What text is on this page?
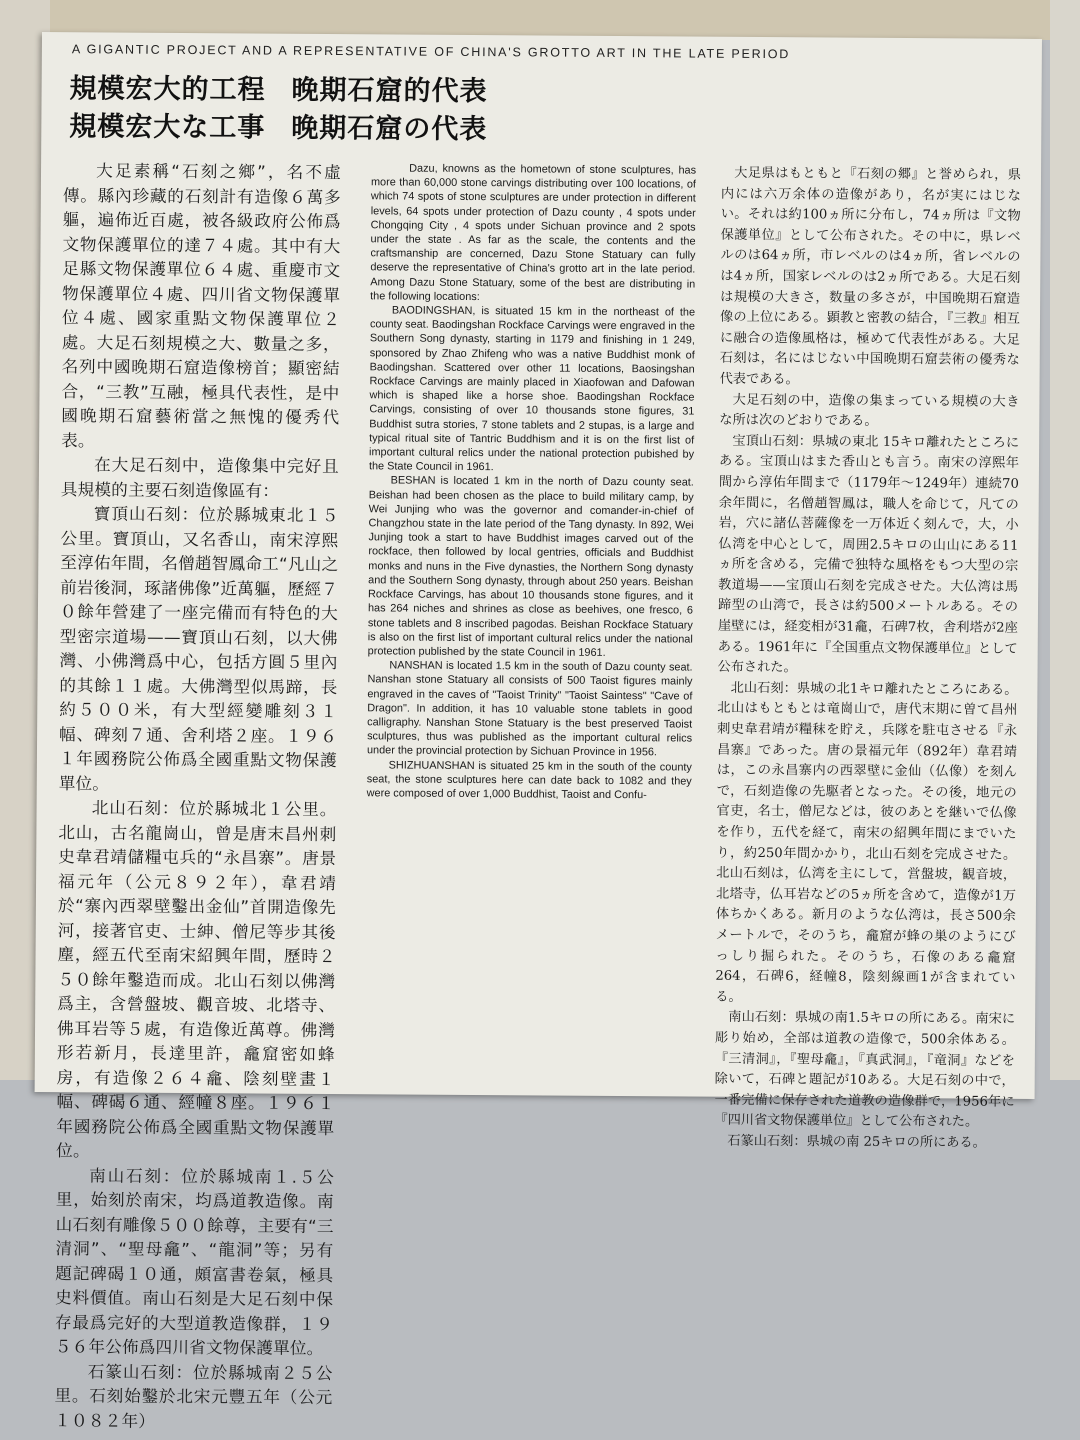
A GIGANTIC PROJECT AND A REPRESENTATIVE OF CHINA'S GROTTO ART IN THE LATE PERIOD
規模宏大的工程 晚期石窟的代表
規模宏大な工事 晚期石窟の代表

大足素稱“石刻之鄉”，名不虛傳。縣內珍藏的石刻計有造像６萬多軀，遍佈近百處，被各級政府公佈爲文物保護單位的達７４處。其中有大足縣文物保護單位６４處、重慶市文物保護單位４處、四川省文物保護單位４處、國家重點文物保護單位２處。大足石刻規模之大、數量之多，名列中國晚期石窟造像榜首；顯密結合，“三教”互融，極具代表性，是中國晚期石窟藝術當之無愧的優秀代表。

在大足石刻中，造像集中完好且具規模的主要石刻造像區有：

寶頂山石刻：位於縣城東北１５公里。寶頂山，又名香山，南宋淳熙至淳佑年間，名僧趙智鳳命工“凡山之前岩後洞，琢諸佛像”近萬軀，歷經７０餘年營建了一座完備而有特色的大型密宗道場——寶頂山石刻，以大佛灣、小佛灣爲中心，包括方圓５里內的其餘１１處。大佛灣型似馬蹄，長約５００米，有大型經變雕刻３１幅、碑刻７通、舍利塔２座。１９６１年國務院公佈爲全國重點文物保護單位。

北山石刻：位於縣城北１公里。北山，古名龍崗山，曾是唐末昌州刺史韋君靖儲糧屯兵的“永昌寨”。唐景福元年（公元８９２年），韋君靖於“寨內西翠壁鑿出金仙”首開造像先河，接著官吏、士紳、僧尼等步其後塵，經五代至南宋紹興年間，歷時２５０餘年鑿造而成。北山石刻以佛灣爲主，含營盤坡、觀音坡、北塔寺、佛耳岩等５處，有造像近萬尊。佛灣形若新月，長達里許，龕窟密如蜂房，有造像２６４龕、陰刻壁畫１幅、碑碣６通、經幢８座。１９６１年國務院公佈爲全國重點文物保護單位。

南山石刻：位於縣城南１.５公里，始刻於南宋，均爲道教造像。南山石刻有雕像５００餘尊，主要有“三清洞”、“聖母龕”、“龍洞”等；另有題記碑碣１０通，頗富書卷氣，極具史料價值。南山石刻是大足石刻中保存最爲完好的大型道教造像群，１９５６年公佈爲四川省文物保護單位。

石篆山石刻：位於縣城南２５公里。石刻始鑿於北宋元豐五年（公元１０８２年）

Dazu, knowns as the hometown of stone sculptures, has more than 60,000 stone carvings distributing over 100 locations, of which 74 spots of stone sculptures are under protection in different levels, 64 spots under protection of Dazu county , 4 spots under Chongqing City , 4 spots under Sichuan province and 2 spots under the state . As far as the scale, the contents and the craftsmanship are concerned, Dazu Stone Statuary can fully deserve the representative of China's grotto art in the late period. Among Dazu Stone Statuary, some of the best are distributing in the following locations:

BAODINGSHAN, is situated 15 km in the northeast of the county seat. Baodingshan Rockface Carvings were engraved in the Southern Song dynasty, starting in 1179 and finishing in 1 249, sponsored by Zhao Zhifeng who was a native Buddhist monk of Baodingshan. Scattered over other 11 locations, Baosingshan Rockface Carvings are mainly placed in Xiaofowan and Dafowan which is shaped like a horse shoe. Baodingshan Rockface Carvings, consisting of over 10 thousands stone figures, 31 Buddhist sutra stories, 7 stone tablets and 2 stupas, is a large and typical ritual site of Tantric Buddhism and it is on the first list of important cultural relics under the national protection pubished by the State Council in 1961.

BESHAN is located 1 km in the north of Dazu county seat. Beishan had been chosen as the place to build military camp, by Wei Junjing who was the governor and comander-in-chief of Changzhou state in the late period of the Tang dynasty. In 892, Wei Junjing took a start to have Buddhist images carved out of the rockface, then followed by local gentries, officials and Buddhist monks and nuns in the Five dynasties, the Northern Song dynasty and the Southern Song dynasty, through about 250 years. Beishan Rockface Carvings, has about 10 thousands stone figures, and it has 264 niches and shrines as close as beehives, one fresco, 6 stone tablets and 8 inscribed pagodas. Beishan Rockface Statuary is also on the first list of important cultural relics under the national protection published by the state Council in 1961.

NANSHAN is located 1.5 km in the south of Dazu county seat. Nanshan stone Statuary all consists of 500 Taoist figures mainly engraved in the caves of "Taoist Trinity" "Taoist Saintess" "Cave of Dragon". In addition, it has 10 valuable stone tablets in good calligraphy. Nanshan Stone Statuary is the best preserved Taoist sculptures, thus was published as the important cultural relics under the provincial protection by Sichuan Province in 1956.

SHIZHUANSHAN is situated 25 km in the south of the county seat, the stone sculptures here can date back to 1082 and they were composed of over 1,000 Buddhist, Taoist and Confu-

大足県はもともと『石刻の郷』と誉められ，県内には六万余体の造像があり，名が実にはじない。それは約100ヵ所に分布し，74ヵ所は『文物保護単位』として公布された。その中に，県レベルのは64ヵ所，市レベルのは4ヵ所，省レベルのは4ヵ所，国家レベルのは2ヵ所である。大足石刻は規模の大きさ，数量の多さが，中国晩期石窟造像の上位にある。顕教と密教の結合，『三教』相互に融合の造像風格は，極めて代表性がある。大足石刻は，名にはじない中国晩期石窟芸術の優秀な代表である。

大足石刻の中，造像の集まっている規模の大きな所は次のどおりである。

宝頂山石刻：県城の東北 15キロ離れたところにある。宝頂山はまた香山とも言う。南宋の淳熙年間から淳佑年間まで（1179年～1249年）連続70余年間に，名僧趙智鳳は，職人を命じて，凡ての岩，穴に諸仏菩薩像を一万体近く刻んで，大，小仏湾を中心として，周囲2.5キロの山山にある11ヵ所を含める，完備で独特な風格をもつ大型の宗教道場——宝頂山石刻を完成させた。大仏湾は馬蹄型の山湾で，長さは約500メートルある。その崖壁には，経変相が31龕，石碑7枚，舎利塔が2座ある。1961年に『全国重点文物保護単位』として公布された。

北山石刻：県城の北1キロ離れたところにある。北山はもともとは竜崗山で，唐代末期に曽て昌州刺史韋君靖が糧秣を貯え，兵隊を駐屯させる『永昌寨』であった。唐の景福元年（892年）韋君靖は，この永昌寨内の西翠壁に金仙（仏像）を刻んで，石刻造像の先駆者となった。その後，地元の官吏，名士，僧尼などは，彼のあとを継いで仏像を作り，五代を経て，南宋の紹興年間にまでいたり，約250年間かかり，北山石刻を完成させた。北山石刻は，仏湾を主にして，営盤坡，観音坡，北塔寺，仏耳岩などの5ヵ所を含めて，造像が1万体ちかくある。新月のような仏湾は，長さ500余メートルで，そのうち，龕窟が蜂の巣のようにびっしり掘られた。そのうち，石像のある龕窟264，石碑6，経幢8，陰刻線画1が含まれている。

南山石刻：県城の南1.5キロの所にある。南宋に彫り始め，全部は道教の造像で，500余体ある。『三清洞』，『聖母龕』，『真武洞』，『竜洞』などを除いて，石碑と題記が10ある。大足石刻の中で，一番完備に保存された道教の造像群で，1956年に『四川省文物保護単位』として公布された。

石篆山石刻：県城の南 25キロの所にある。
